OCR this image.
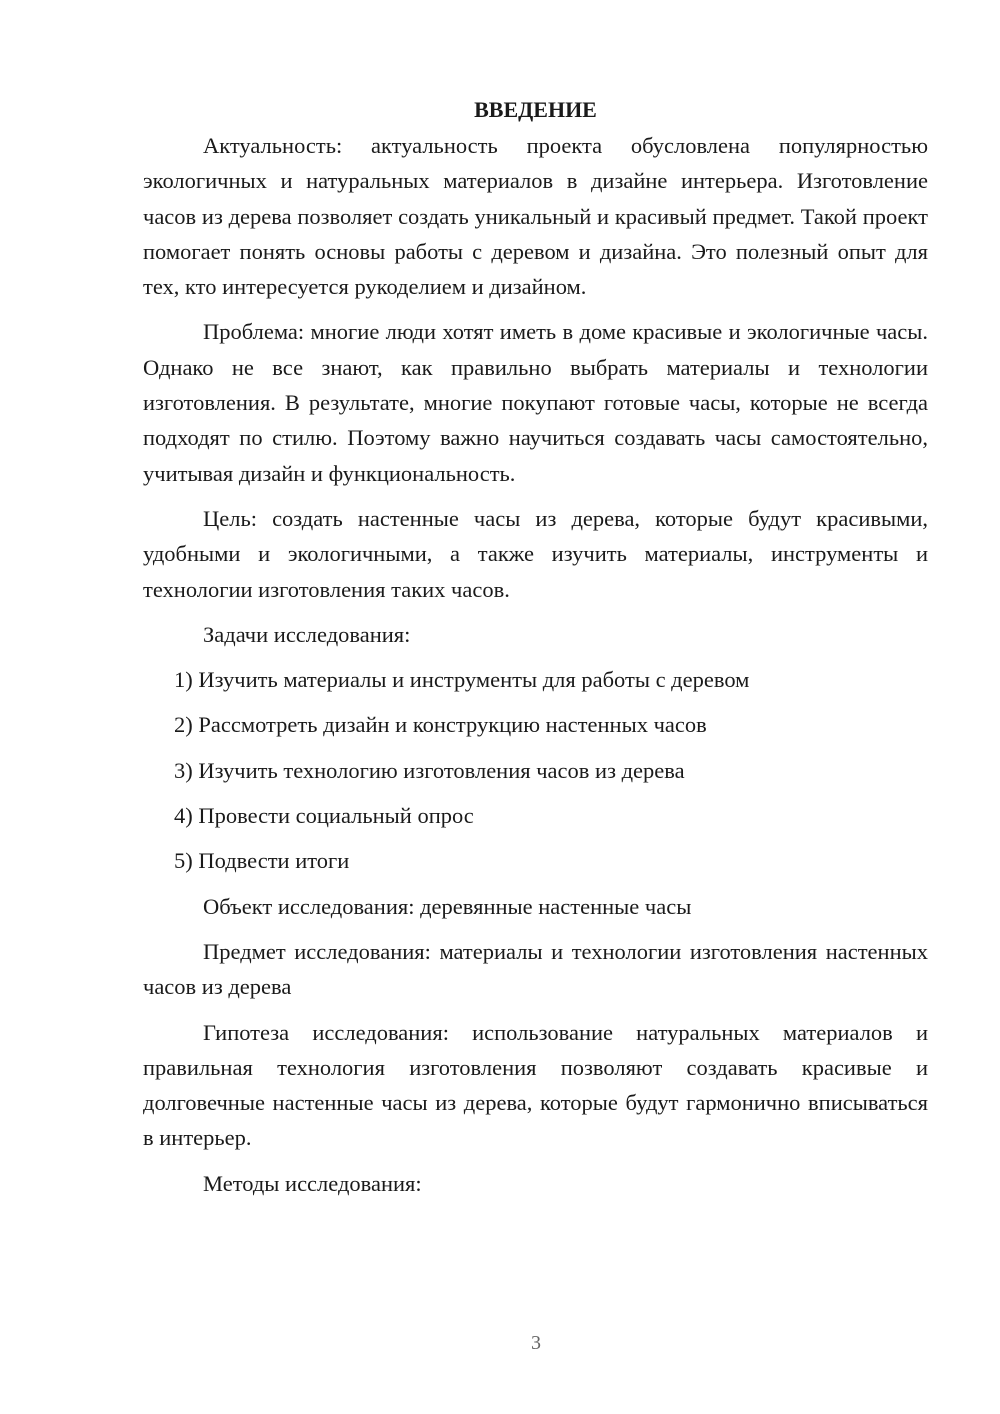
ВВЕДЕНИЕ

Актуальность: актуальность проекта обусловлена популярностью экологичных и натуральных материалов в дизайне интерьера. Изготовление часов из дерева позволяет создать уникальный и красивый предмет. Такой проект помогает понять основы работы с деревом и дизайна. Это полезный опыт для тех, кто интересуется рукоделием и дизайном.

Проблема: многие люди хотят иметь в доме красивые и экологичные часы. Однако не все знают, как правильно выбрать материалы и технологии изготовления. В результате, многие покупают готовые часы, которые не всегда подходят по стилю. Поэтому важно научиться создавать часы самостоятельно, учитывая дизайн и функциональность.

Цель: создать настенные часы из дерева, которые будут красивыми, удобными и экологичными, а также изучить материалы, инструменты и технологии изготовления таких часов.

Задачи исследования:

1) Изучить материалы и инструменты для работы с деревом
2) Рассмотреть дизайн и конструкцию настенных часов
3) Изучить технологию изготовления часов из дерева
4) Провести социальный опрос
5) Подвести итоги

Объект исследования: деревянные настенные часы

Предмет исследования: материалы и технологии изготовления настенных часов из дерева

Гипотеза исследования: использование натуральных материалов и правильная технология изготовления позволяют создавать красивые и долговечные настенные часы из дерева, которые будут гармонично вписываться в интерьер.

Методы исследования:

3
